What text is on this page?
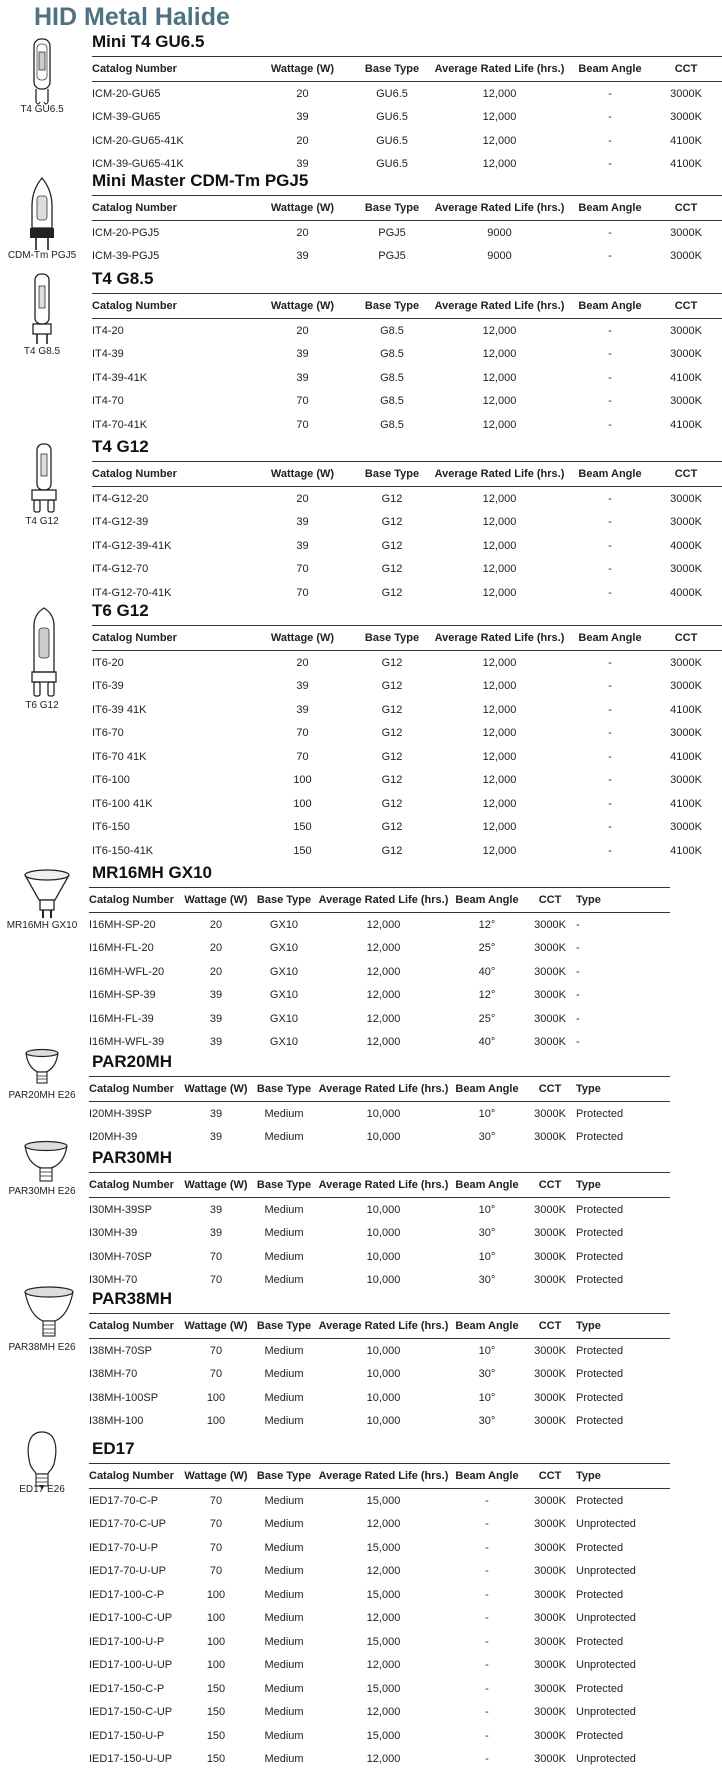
HID Metal Halide
T4 GU6.5
Mini T4 GU6.5
Catalog Number	Wattage (W)	Base Type	Average Rated Life (hrs.)	Beam Angle	CCT
ICM-20-GU65	20	GU6.5	12,000	-	3000K
ICM-39-GU65	39	GU6.5	12,000	-	3000K
ICM-20-GU65-41K	20	GU6.5	12,000	-	4100K
ICM-39-GU65-41K	39	GU6.5	12,000	-	4100K
CDM-Tm PGJ5
Mini Master CDM-Tm PGJ5
Catalog Number	Wattage (W)	Base Type	Average Rated Life (hrs.)	Beam Angle	CCT
ICM-20-PGJ5	20	PGJ5	9000	-	3000K
ICM-39-PGJ5	39	PGJ5	9000	-	3000K
T4 G8.5
T4 G8.5
Catalog Number	Wattage (W)	Base Type	Average Rated Life (hrs.)	Beam Angle	CCT
IT4-20	20	G8.5	12,000	-	3000K
IT4-39	39	G8.5	12,000	-	3000K
IT4-39-41K	39	G8.5	12,000	-	4100K
IT4-70	70	G8.5	12,000	-	3000K
IT4-70-41K	70	G8.5	12,000	-	4100K
T4 G12
T4 G12
Catalog Number	Wattage (W)	Base Type	Average Rated Life (hrs.)	Beam Angle	CCT
IT4-G12-20	20	G12	12,000	-	3000K
IT4-G12-39	39	G12	12,000	-	3000K
IT4-G12-39-41K	39	G12	12,000	-	4000K
IT4-G12-70	70	G12	12,000	-	3000K
IT4-G12-70-41K	70	G12	12,000	-	4000K
T6 G12
T6 G12
Catalog Number	Wattage (W)	Base Type	Average Rated Life (hrs.)	Beam Angle	CCT
IT6-20	20	G12	12,000	-	3000K
IT6-39	39	G12	12,000	-	3000K
IT6-39 41K	39	G12	12,000	-	4100K
IT6-70	70	G12	12,000	-	3000K
IT6-70 41K	70	G12	12,000	-	4100K
IT6-100	100	G12	12,000	-	3000K
IT6-100 41K	100	G12	12,000	-	4100K
IT6-150	150	G12	12,000	-	3000K
IT6-150-41K	150	G12	12,000	-	4100K
MR16MH GX10
MR16MH GX10
Catalog Number	Wattage (W)	Base Type	Average Rated Life (hrs.)	Beam Angle	CCT	Type
I16MH-SP-20	20	GX10	12,000	12°	3000K	-
I16MH-FL-20	20	GX10	12,000	25°	3000K	-
I16MH-WFL-20	20	GX10	12,000	40°	3000K	-
I16MH-SP-39	39	GX10	12,000	12°	3000K	-
I16MH-FL-39	39	GX10	12,000	25°	3000K	-
I16MH-WFL-39	39	GX10	12,000	40°	3000K	-
PAR20MH E26
PAR20MH
Catalog Number	Wattage (W)	Base Type	Average Rated Life (hrs.)	Beam Angle	CCT	Type
I20MH-39SP	39	Medium	10,000	10°	3000K	Protected
I20MH-39	39	Medium	10,000	30°	3000K	Protected
PAR30MH E26
PAR30MH
Catalog Number	Wattage (W)	Base Type	Average Rated Life (hrs.)	Beam Angle	CCT	Type
I30MH-39SP	39	Medium	10,000	10°	3000K	Protected
I30MH-39	39	Medium	10,000	30°	3000K	Protected
I30MH-70SP	70	Medium	10,000	10°	3000K	Protected
I30MH-70	70	Medium	10,000	30°	3000K	Protected
PAR38MH E26
PAR38MH
Catalog Number	Wattage (W)	Base Type	Average Rated Life (hrs.)	Beam Angle	CCT	Type
I38MH-70SP	70	Medium	10,000	10°	3000K	Protected
I38MH-70	70	Medium	10,000	30°	3000K	Protected
I38MH-100SP	100	Medium	10,000	10°	3000K	Protected
I38MH-100	100	Medium	10,000	30°	3000K	Protected
ED17 E26
ED17
Catalog Number	Wattage (W)	Base Type	Average Rated Life (hrs.)	Beam Angle	CCT	Type
IED17-70-C-P	70	Medium	15,000	-	3000K	Protected
IED17-70-C-UP	70	Medium	12,000	-	3000K	Unprotected
IED17-70-U-P	70	Medium	15,000	-	3000K	Protected
IED17-70-U-UP	70	Medium	12,000	-	3000K	Unprotected
IED17-100-C-P	100	Medium	15,000	-	3000K	Protected
IED17-100-C-UP	100	Medium	12,000	-	3000K	Unprotected
IED17-100-U-P	100	Medium	15,000	-	3000K	Protected
IED17-100-U-UP	100	Medium	12,000	-	3000K	Unprotected
IED17-150-C-P	150	Medium	15,000	-	3000K	Protected
IED17-150-C-UP	150	Medium	12,000	-	3000K	Unprotected
IED17-150-U-P	150	Medium	15,000	-	3000K	Protected
IED17-150-U-UP	150	Medium	12,000	-	3000K	Unprotected
